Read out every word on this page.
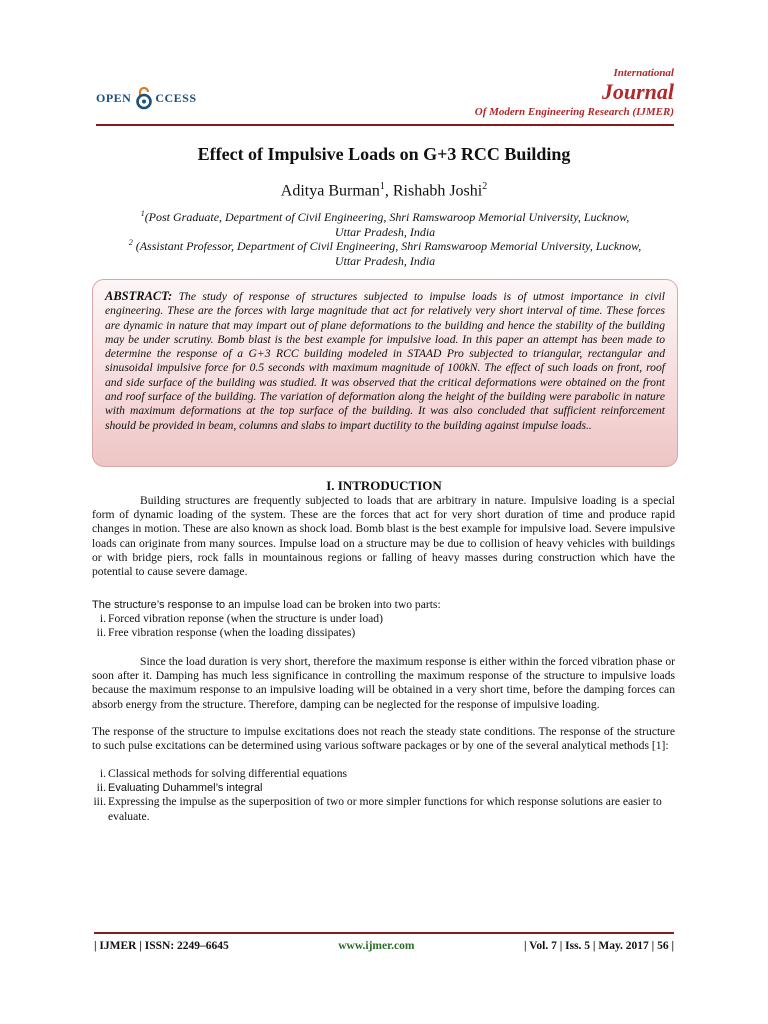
OPEN CCESS
International
Journal
Of Modern Engineering Research (IJMER)
Effect of Impulsive Loads on G+3 RCC Building
Aditya Burman$^1$, Rishabh Joshi$^2$
$^1$(Post Graduate, Department of Civil Engineering, Shri Ramswaroop Memorial University, Lucknow,
Uttar Pradesh, India
$^2$ (Assistant Professor, Department of Civil Engineering, Shri Ramswaroop Memorial University, Lucknow,
Uttar Pradesh, India
ABSTRACT: The study of response of structures subjected to impulse loads is of utmost importance in civil engineering. These are the forces with large magnitude that act for relatively very short interval of time. These forces are dynamic in nature that may impart out of plane deformations to the building and hence the stability of the building may be under scrutiny. Bomb blast is the best example for impulsive load. In this paper an attempt has been made to determine the response of a G+3 RCC building modeled in STAAD Pro subjected to triangular, rectangular and sinusoidal impulsive force for 0.5 seconds with maximum magnitude of 100kN. The effect of such loads on front, roof and side surface of the building was studied. It was observed that the critical deformations were obtained on the front and roof surface of the building. The variation of deformation along the height of the building were parabolic in nature with maximum deformations at the top surface of the building. It was also concluded that sufficient reinforcement should be provided in beam, columns and slabs to impart ductility to the building against impulse loads..
I. INTRODUCTION
Building structures are frequently subjected to loads that are arbitrary in nature. Impulsive loading is a special form of dynamic loading of the system. These are the forces that act for very short duration of time and produce rapid changes in motion. These are also known as shock load. Bomb blast is the best example for impulsive load. Severe impulsive loads can originate from many sources. Impulse load on a structure may be due to collision of heavy vehicles with buildings or with bridge piers, rock falls in mountainous regions or falling of heavy masses during construction which have the potential to cause severe damage.
The structure’s response to an impulse load can be broken into two parts:
i. Forced vibration reponse (when the structure is under load)
ii. Free vibration response (when the loading dissipates)
Since the load duration is very short, therefore the maximum response is either within the forced vibration phase or soon after it. Damping has much less significance in controlling the maximum response of the structure to impulsive loads because the maximum response to an impulsive loading will be obtained in a very short time, before the damping forces can absorb energy from the structure. Therefore, damping can be neglected for the response of impulsive loading.
The response of the structure to impulse excitations does not reach the steady state conditions. The response of the structure to such pulse excitations can be determined using various software packages or by one of the several analytical methods [1]:
i. Classical methods for solving differential equations
ii. Evaluating Duhammel’s integral
iii. Expressing the impulse as the superposition of two or more simpler functions for which response solutions are easier to evaluate.
| IJMER | ISSN: 2249–6645	www.ijmer.com	| Vol. 7 | Iss. 5 | May. 2017 | 56 |
